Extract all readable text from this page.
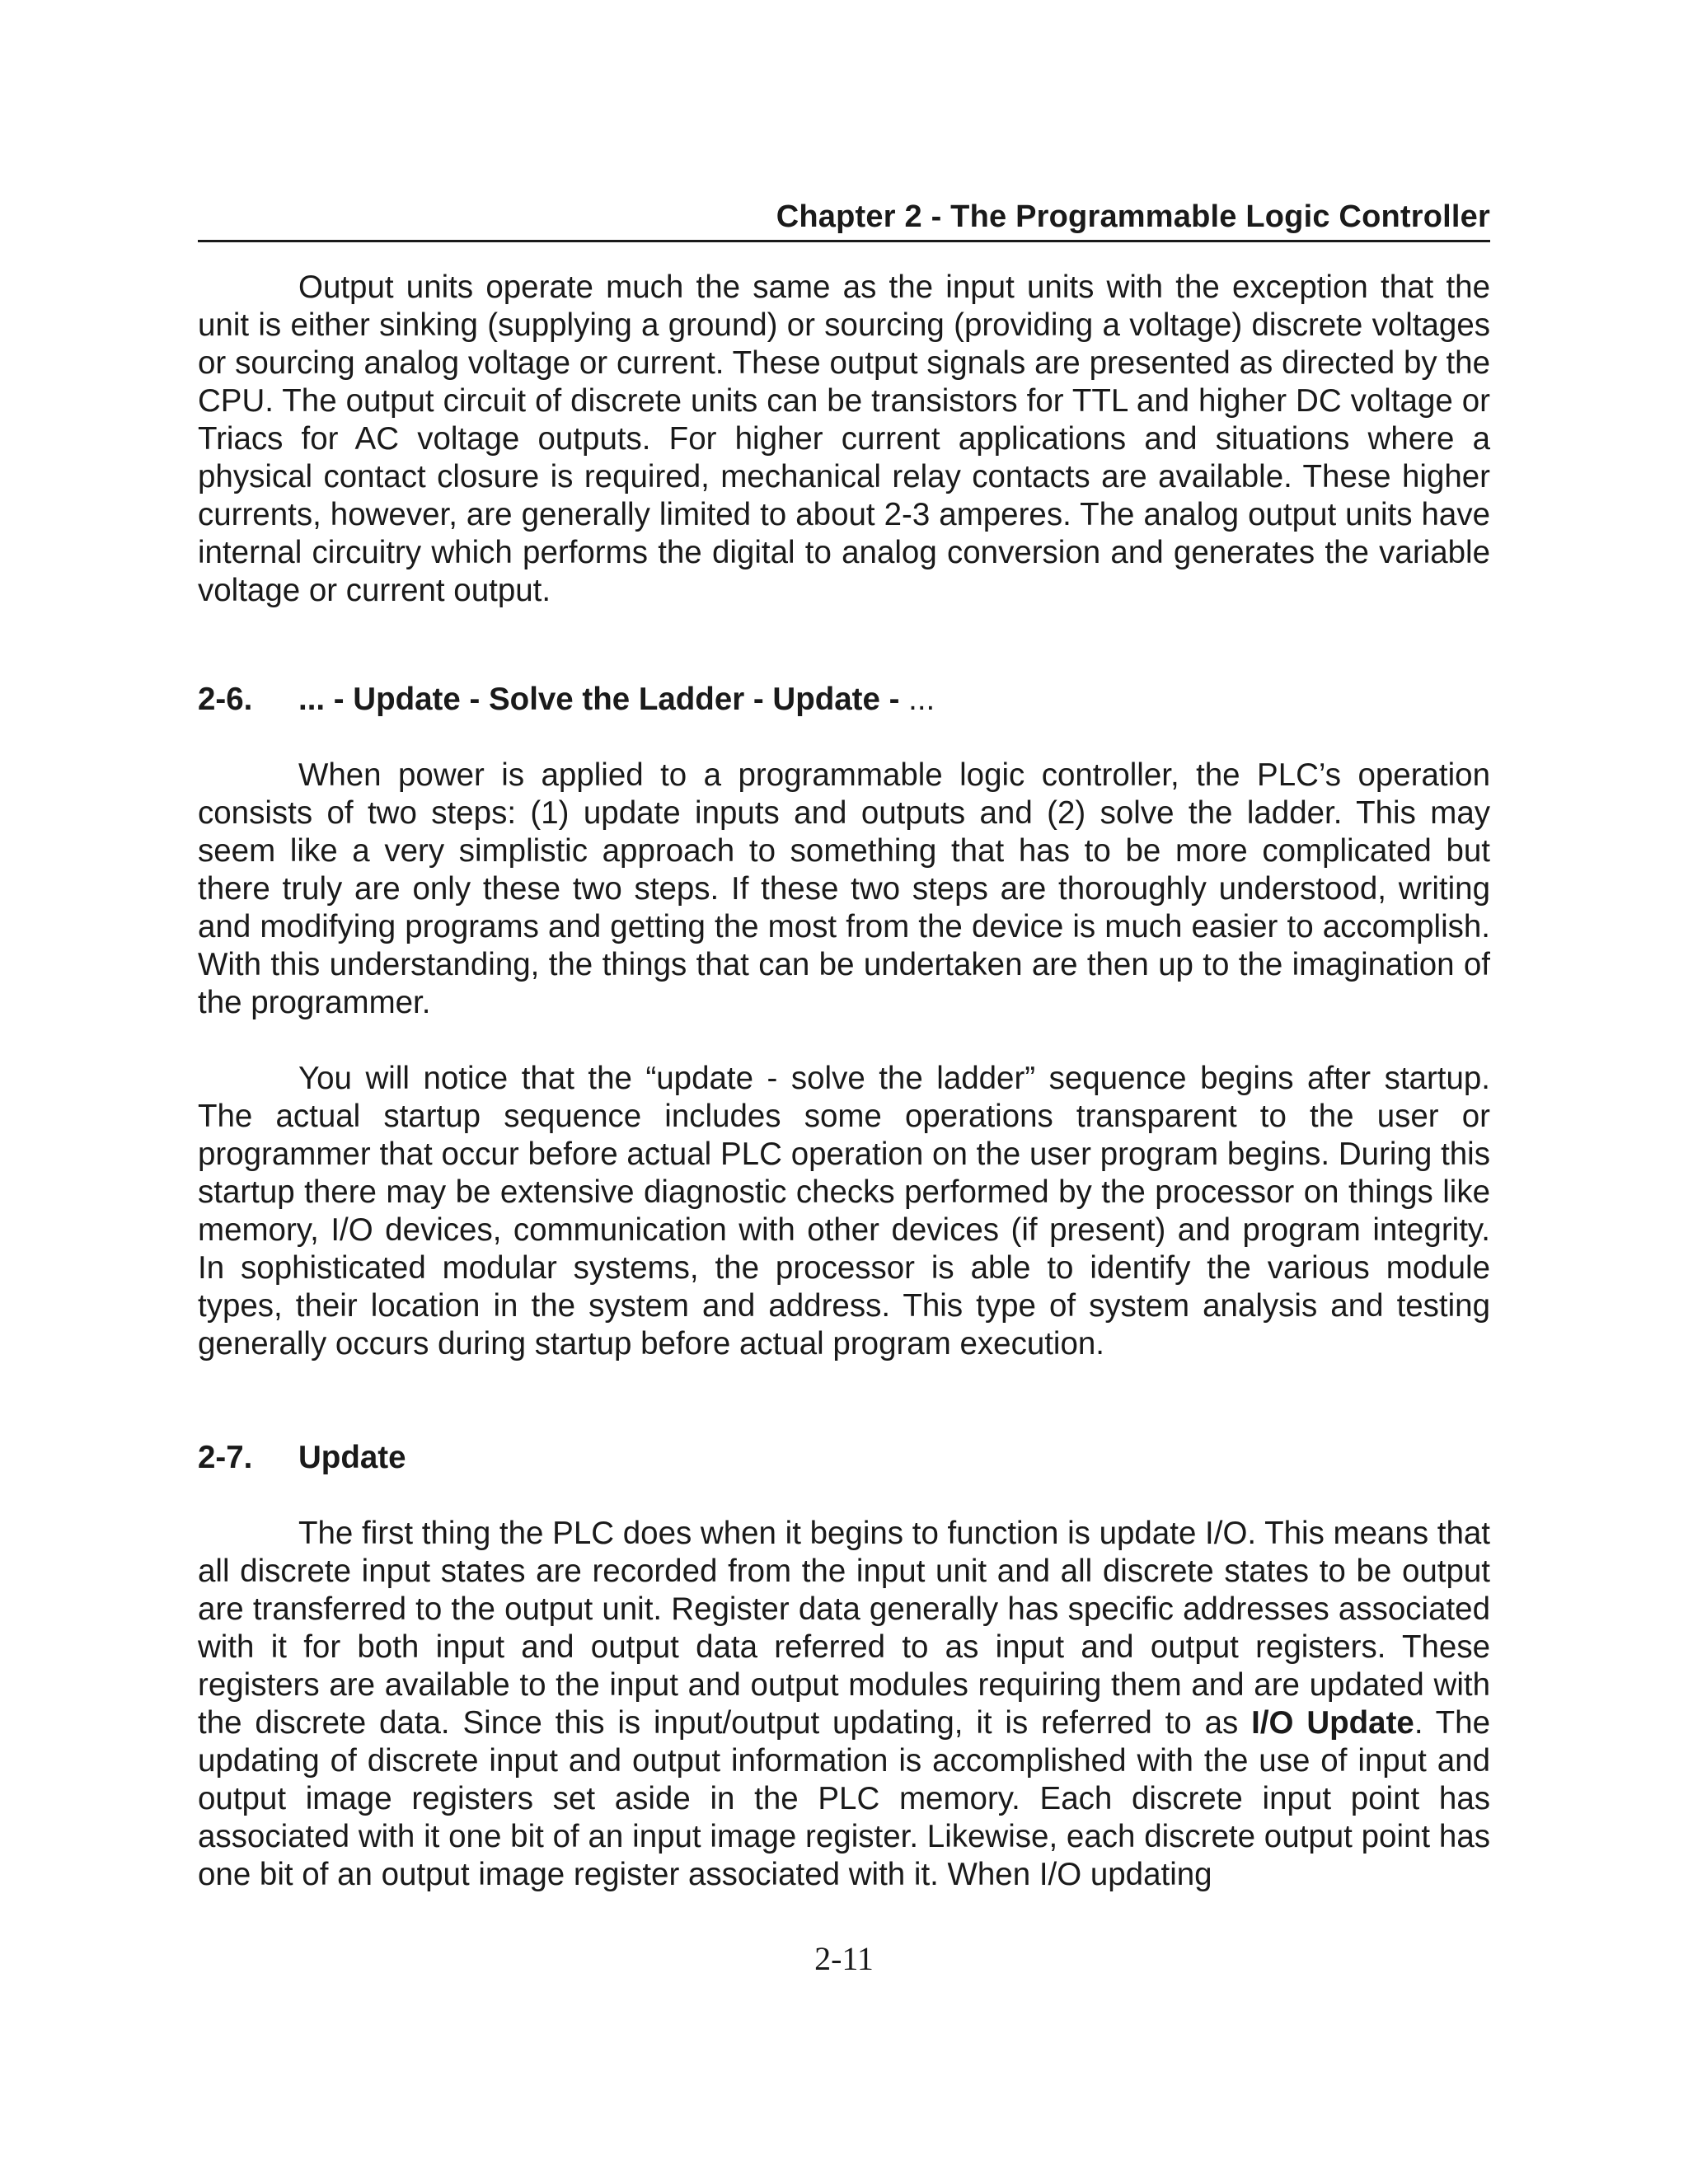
Chapter 2 - The Programmable Logic Controller

Output units operate much the same as the input units with the exception that the unit is either sinking (supplying a ground) or sourcing (providing a voltage) discrete voltages or sourcing analog voltage or current. These output signals are presented as directed by the CPU. The output circuit of discrete units can be transistors for TTL and higher DC voltage or Triacs for AC voltage outputs. For higher current applications and situations where a physical contact closure is required, mechanical relay contacts are available. These higher currents, however, are generally limited to about 2-3 amperes. The analog output units have internal circuitry which performs the digital to analog conversion and generates the variable voltage or current output.

2-6. ... - Update - Solve the Ladder - Update - ...

When power is applied to a programmable logic controller, the PLC’s operation consists of two steps: (1) update inputs and outputs and (2) solve the ladder. This may seem like a very simplistic approach to something that has to be more complicated but there truly are only these two steps. If these two steps are thoroughly understood, writing and modifying programs and getting the most from the device is much easier to accomplish. With this understanding, the things that can be undertaken are then up to the imagination of the programmer.

You will notice that the “update - solve the ladder” sequence begins after startup. The actual startup sequence includes some operations transparent to the user or programmer that occur before actual PLC operation on the user program begins. During this startup there may be extensive diagnostic checks performed by the processor on things like memory, I/O devices, communication with other devices (if present) and program integrity. In sophisticated modular systems, the processor is able to identify the various module types, their location in the system and address. This type of system analysis and testing generally occurs during startup before actual program execution.

2-7. Update

The first thing the PLC does when it begins to function is update I/O. This means that all discrete input states are recorded from the input unit and all discrete states to be output are transferred to the output unit. Register data generally has specific addresses associated with it for both input and output data referred to as input and output registers. These registers are available to the input and output modules requiring them and are updated with the discrete data. Since this is input/output updating, it is referred to as I/O Update. The updating of discrete input and output information is accomplished with the use of input and output image registers set aside in the PLC memory. Each discrete input point has associated with it one bit of an input image register. Likewise, each discrete output point has one bit of an output image register associated with it. When I/O updating

2-11
